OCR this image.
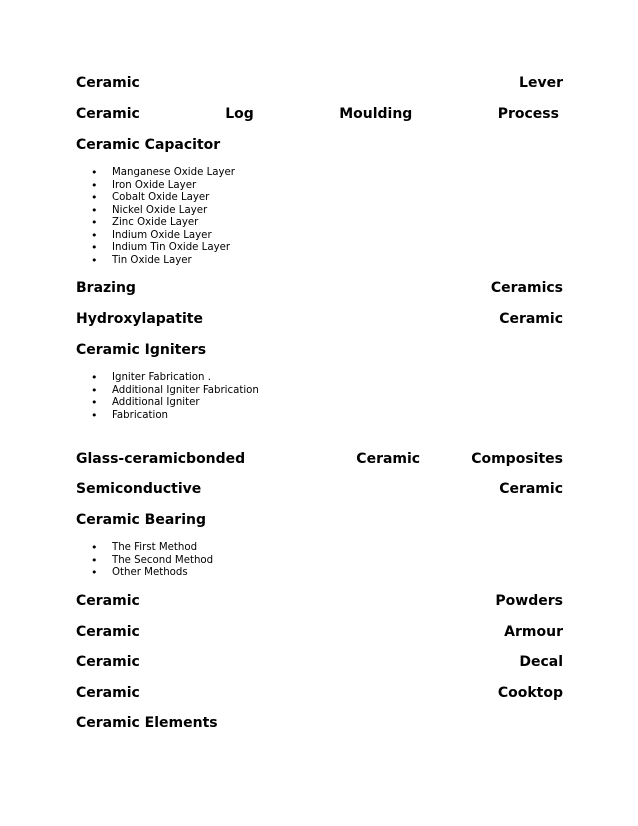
Ceramic	Lever
Ceramic	Log	Moulding	Process
Ceramic Capacitor
• Manganese Oxide Layer
• Iron Oxide Layer
• Cobalt Oxide Layer
• Nickel Oxide Layer
• Zinc Oxide Layer
• Indium Oxide Layer
• Indium Tin Oxide Layer
• Tin Oxide Layer
Brazing	Ceramics
Hydroxylapatite	Ceramic
Ceramic Igniters
• Igniter Fabrication .
• Additional Igniter Fabrication
• Additional Igniter
• Fabrication
Glass-ceramicbonded	Ceramic	Composites
Semiconductive	Ceramic
Ceramic Bearing
• The First Method
• The Second Method
• Other Methods
Ceramic	Powders
Ceramic	Armour
Ceramic	Decal
Ceramic	Cooktop
Ceramic Elements
